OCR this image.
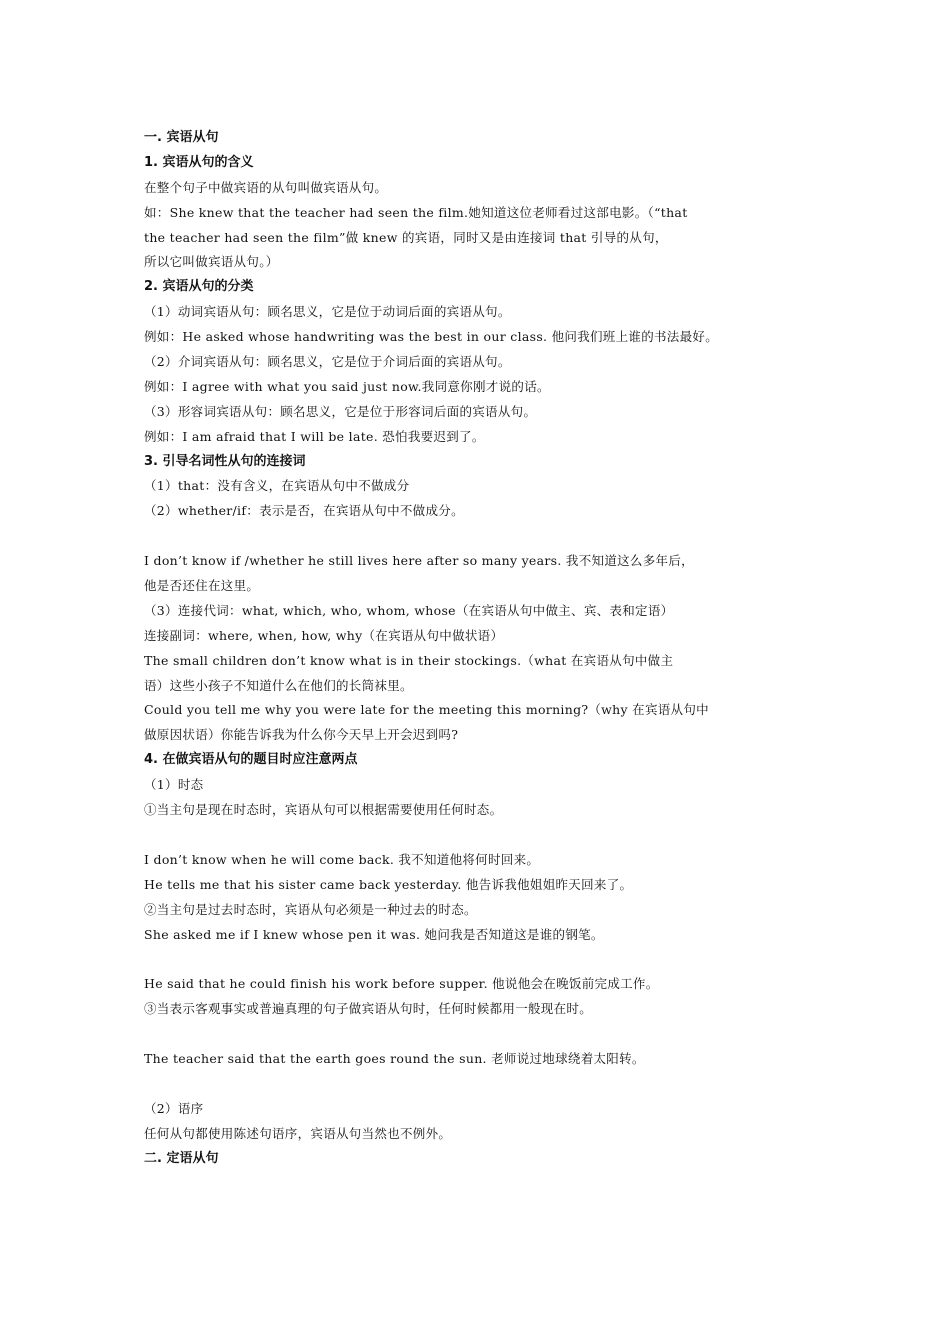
一. 宾语从句
1. 宾语从句的含义
在整个句子中做宾语的从句叫做宾语从句。
如：She knew that the teacher had seen the film.她知道这位老师看过这部电影。（“that
the teacher had seen the film”做 knew 的宾语，同时又是由连接词 that 引导的从句，
所以它叫做宾语从句。）
2. 宾语从句的分类
（1）动词宾语从句：顾名思义，它是位于动词后面的宾语从句。
例如：He asked whose handwriting was the best in our class. 他问我们班上谁的书法最好。
（2）介词宾语从句：顾名思义，它是位于介词后面的宾语从句。
例如：I agree with what you said just now.我同意你刚才说的话。
（3）形容词宾语从句：顾名思义，它是位于形容词后面的宾语从句。
例如：I am afraid that I will be late. 恐怕我要迟到了。
3. 引导名词性从句的连接词
（1）that：没有含义，在宾语从句中不做成分
（2）whether/if：表示是否，在宾语从句中不做成分。
I don’t know if /whether he still lives here after so many years. 我不知道这么多年后，
他是否还住在这里。
（3）连接代词：what, which, who, whom, whose（在宾语从句中做主、宾、表和定语）
连接副词：where, when, how, why（在宾语从句中做状语）
The small children don’t know what is in their stockings.（what 在宾语从句中做主
语）这些小孩子不知道什么在他们的长筒袜里。
Could you tell me why you were late for the meeting this morning?（why 在宾语从句中
做原因状语）你能告诉我为什么你今天早上开会迟到吗?
4. 在做宾语从句的题目时应注意两点
（1）时态
①当主句是现在时态时，宾语从句可以根据需要使用任何时态。
I don’t know when he will come back. 我不知道他将何时回来。
He tells me that his sister came back yesterday. 他告诉我他姐姐昨天回来了。
②当主句是过去时态时，宾语从句必须是一种过去的时态。
She asked me if I knew whose pen it was. 她问我是否知道这是谁的钢笔。
He said that he could finish his work before supper. 他说他会在晚饭前完成工作。
③当表示客观事实或普遍真理的句子做宾语从句时，任何时候都用一般现在时。
The teacher said that the earth goes round the sun. 老师说过地球绕着太阳转。
（2）语序
任何从句都使用陈述句语序，宾语从句当然也不例外。
二. 定语从句
